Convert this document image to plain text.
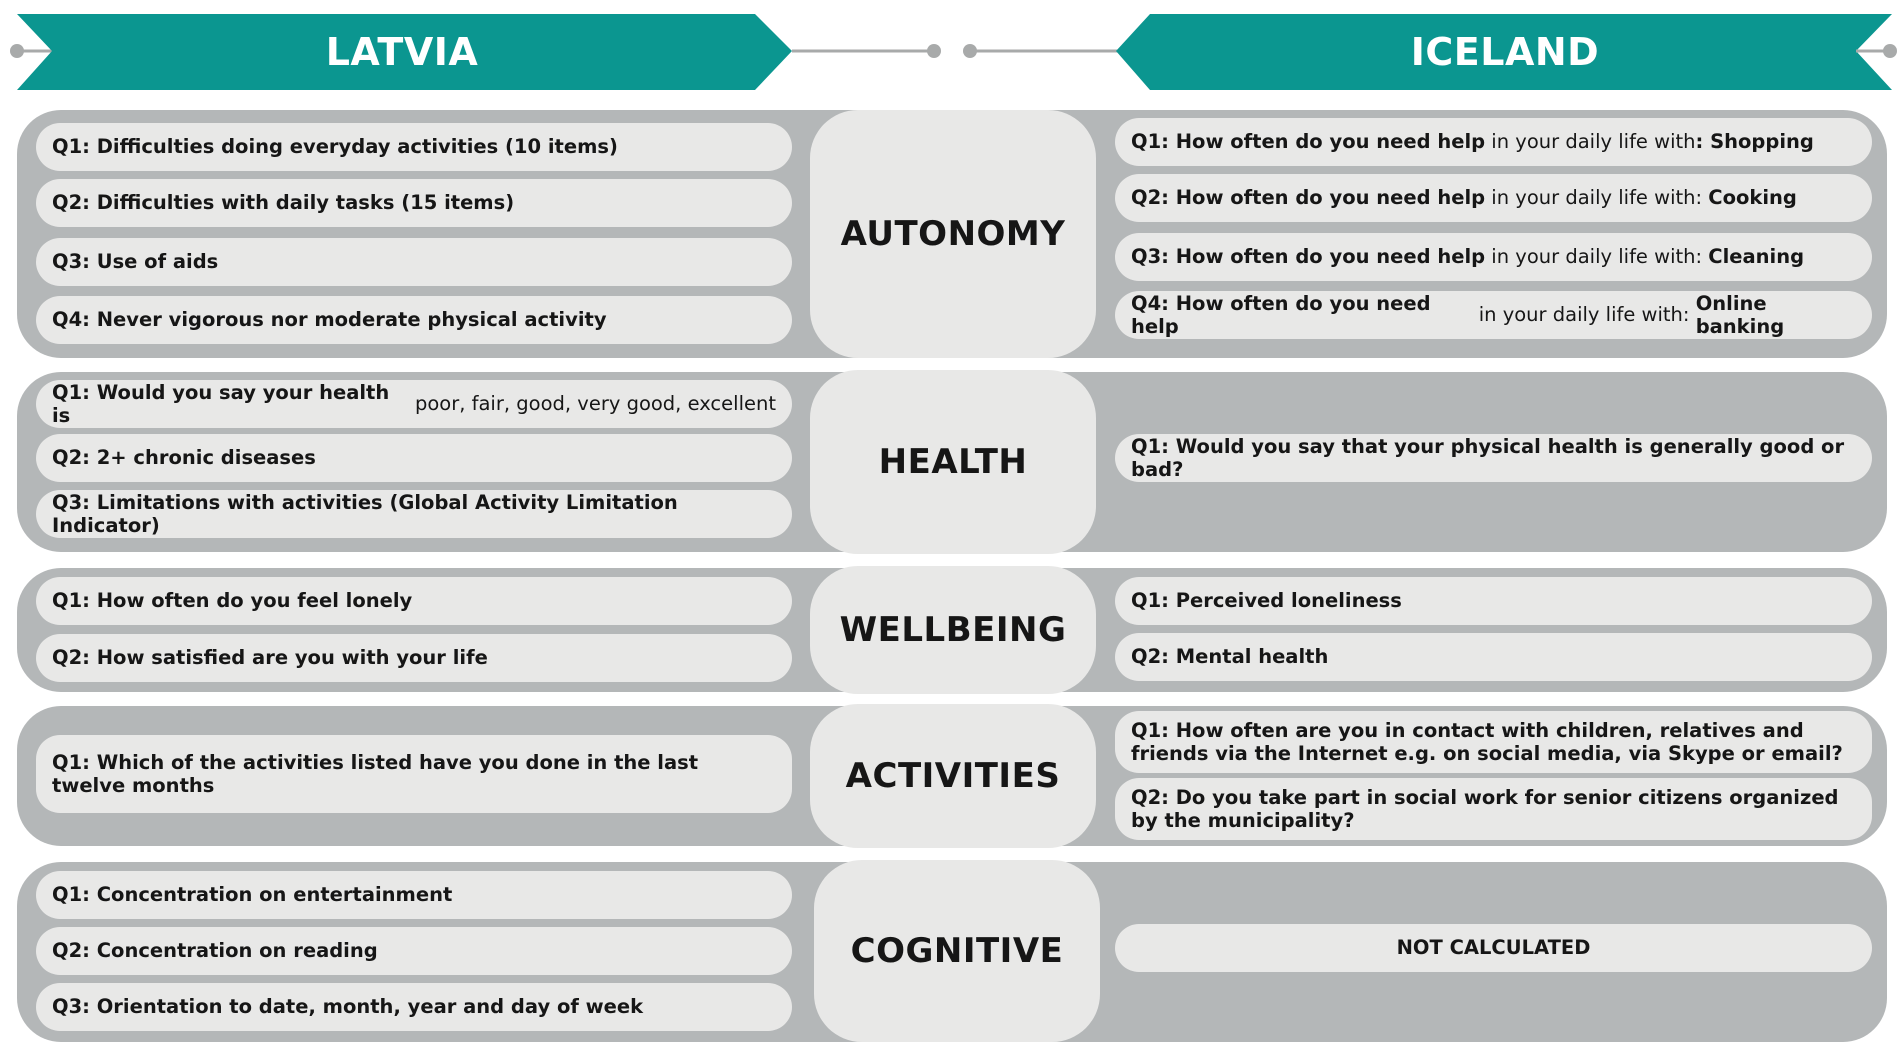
LATVIA	ICELAND
AUTONOMY
Q1: Difficulties doing everyday activities (10 items)
Q2: Difficulties with daily tasks (15 items)
Q3: Use of aids
Q4: Never vigorous nor moderate physical activity
Q1: How often do you need help in your daily life with : Shopping
Q2: How often do you need help in your daily life with: Cooking
Q3: How often do you need help in your daily life with: Cleaning
Q4: How often do you need help
in your daily life with:
Online banking
HEALTH
Q1: Would you say your health is
poor, fair, good, very good, excellent
Q2: 2+ chronic diseases
Q3: Limitations with activities (Global Activity Limitation Indicator)
Q1: Would you say that your physical health is generally good or bad?
WELLBEING
Q1: How often do you feel lonely
Q2: How satisfied are you with your life
Q1: Perceived loneliness
Q2: Mental health
ACTIVITIES
Q1: Which of the activities listed have you done in the last twelve months
Q1: How often are you in contact with children, relatives and friends via the Internet e.g. on social media, via Skype or email?
Q2: Do you take part in social work for senior citizens organized by the municipality?
COGNITIVE
Q1: Concentration on entertainment
Q2: Concentration on reading
Q3: Orientation to date, month, year and day of week
NOT CALCULATED
